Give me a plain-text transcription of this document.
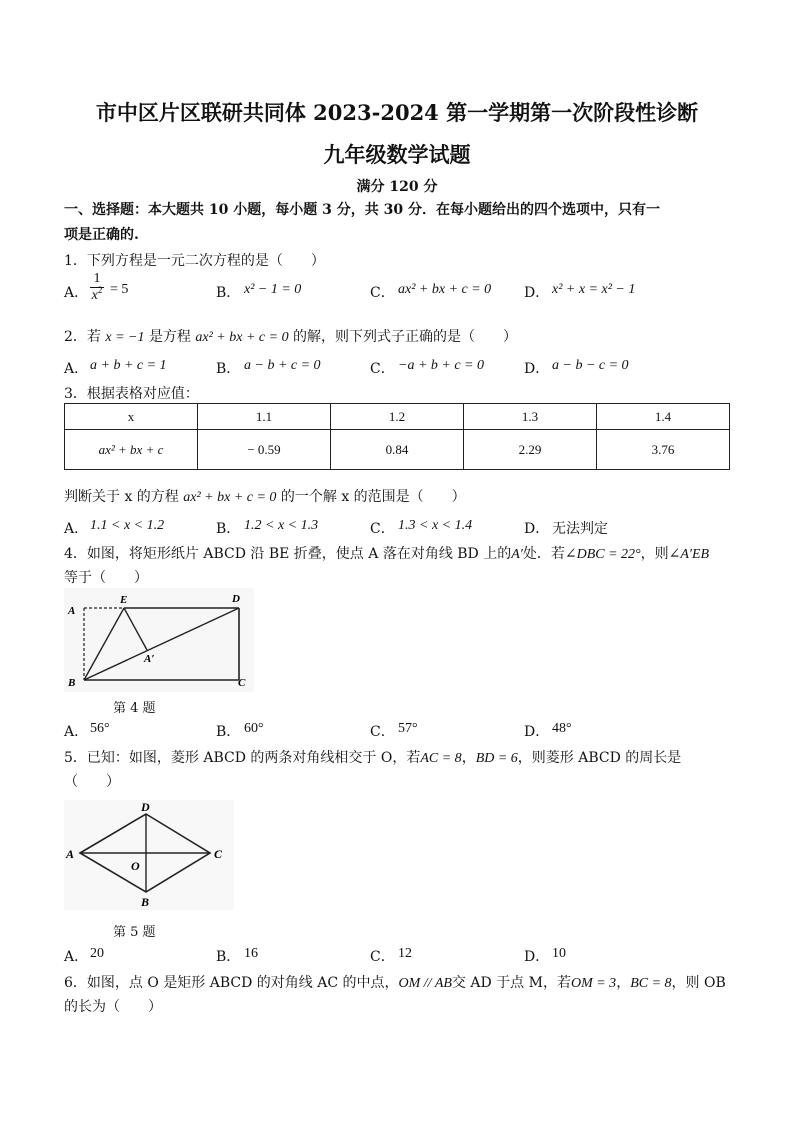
市中区片区联研共同体 2023-2024 第一学期第一次阶段性诊断
九年级数学试题
满分 120 分
一、选择题：本大题共 10 小题，每小题 3 分，共 30 分．在每小题给出的四个选项中，只有一
项是正确的.
1．下列方程是一元二次方程的是（　　）
A． $\frac{1}{x^2} = 5$	B． x² − 1 = 0	C． ax² + bx + c = 0 D． x² + x = x² − 1
2．若 x = −1 是方程 ax² + bx + c = 0 的解，则下列式子正确的是（　　）
A． a + b + c = 1	B． a − b + c = 0	C． −a + b + c = 0	D． a − b − c = 0
3．根据表格对应值：
x	1.1	1.2	1.3	1.4
ax² + bx + c	− 0.59	0.84	2.29	3.76
判断关于 x 的方程 ax² + bx + c = 0 的一个解 x 的范围是（　　）
A． 1.1 < x < 1.2	B． 1.2 < x < 1.3	C． 1.3 < x < 1.4	D． 无法判定
4．如图，将矩形纸片 ABCD 沿 BE 折叠，使点 A 落在对角线 BD 上的A′处．若∠DBC = 22°，则∠A′EB
等于（　　）
A
E	D
A′
B	C
第 4 题
A． 56°	B． 60°	C． 57°	D． 48°
5．已知：如图，菱形 ABCD 的两条对角线相交于 O，若AC = 8，BD = 6，则菱形 ABCD 的周长是
（　　）
A
D
C
O
B
第 5 题
A． 20	B． 16	C． 12	D． 10
6．如图，点 O 是矩形 ABCD 的对角线 AC 的中点，OM // AB交 AD 于点 M，若OM = 3，BC = 8，则 OB
的长为（　　）
